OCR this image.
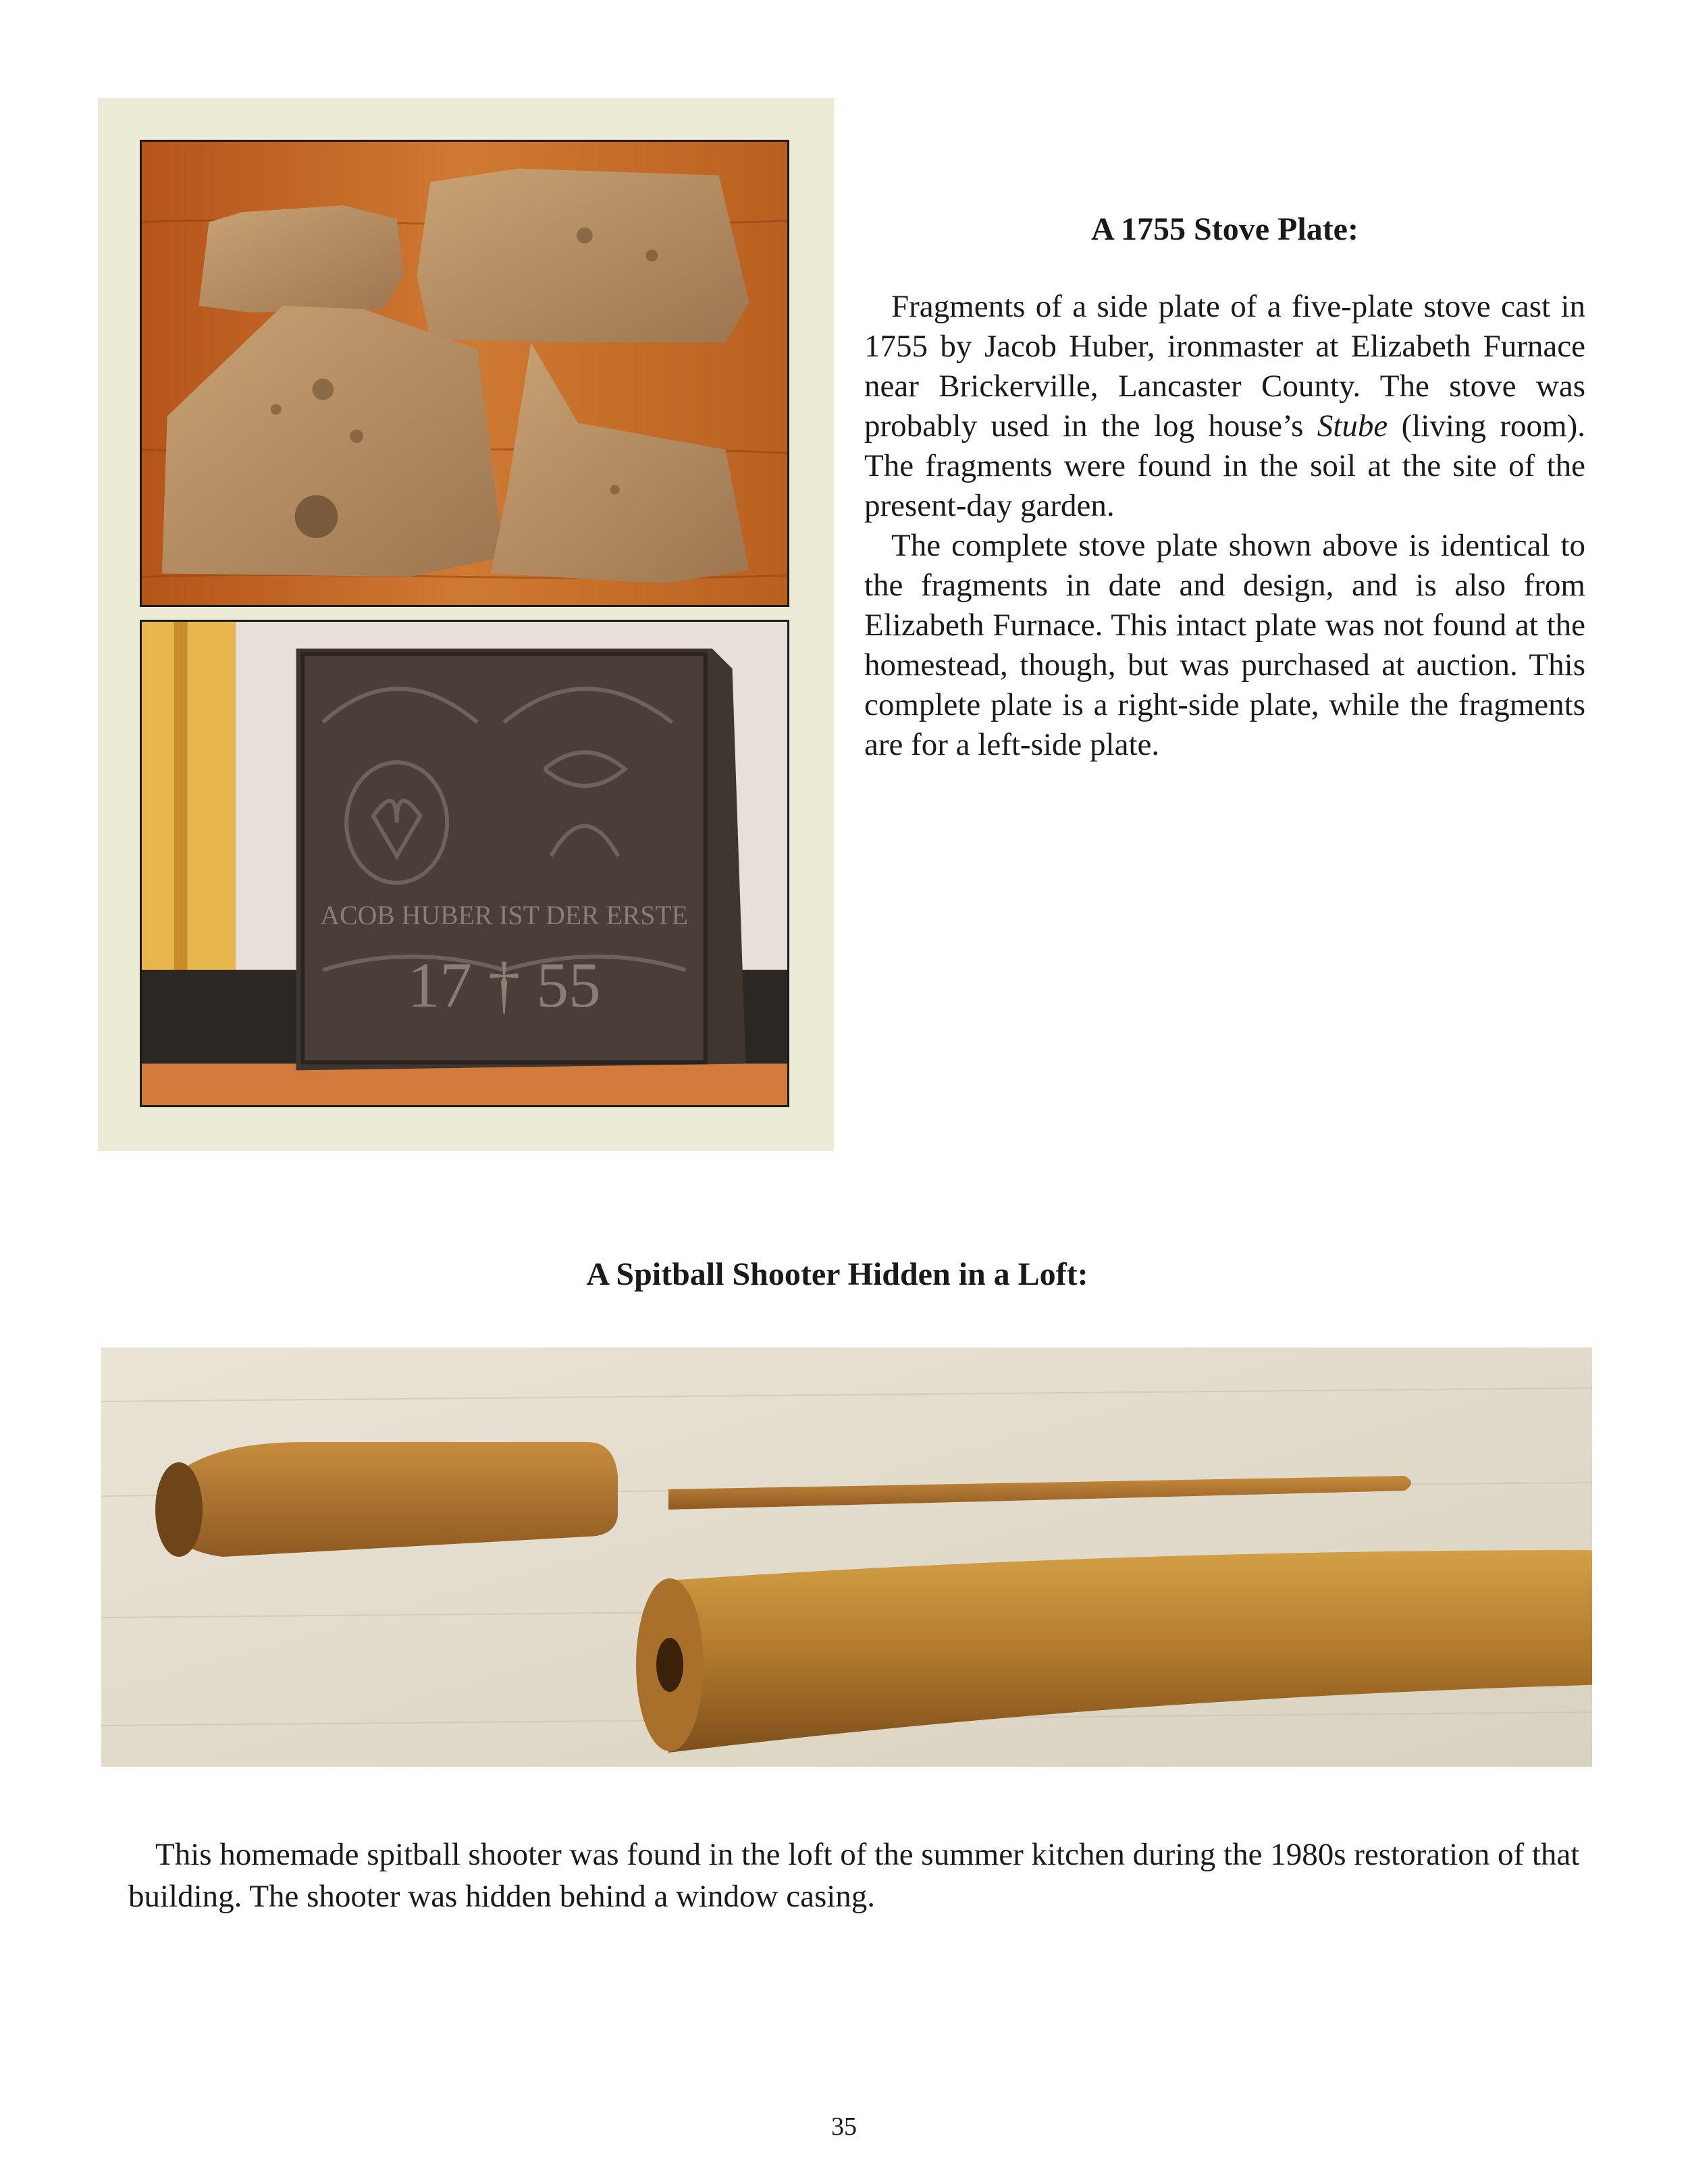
ACOB HUBER IST DER ERSTE
17 † 55
A 1755 Stove Plate:

Fragments of a side plate of a five-plate stove cast in 1755 by Jacob Huber, ironmaster at Elizabeth Furnace near Brickerville, Lancaster County. The stove was probably used in the log house’s Stube (living room). The fragments were found in the soil at the site of the present-day garden.

The complete stove plate shown above is identical to the fragments in date and design, and is also from Elizabeth Furnace. This intact plate was not found at the homestead, though, but was purchased at auction. This complete plate is a right-side plate, while the fragments are for a left-side plate.

A Spitball Shooter Hidden in a Loft:

This homemade spitball shooter was found in the loft of the summer kitchen during the 1980s restoration of that building. The shooter was hidden behind a window casing.

35
